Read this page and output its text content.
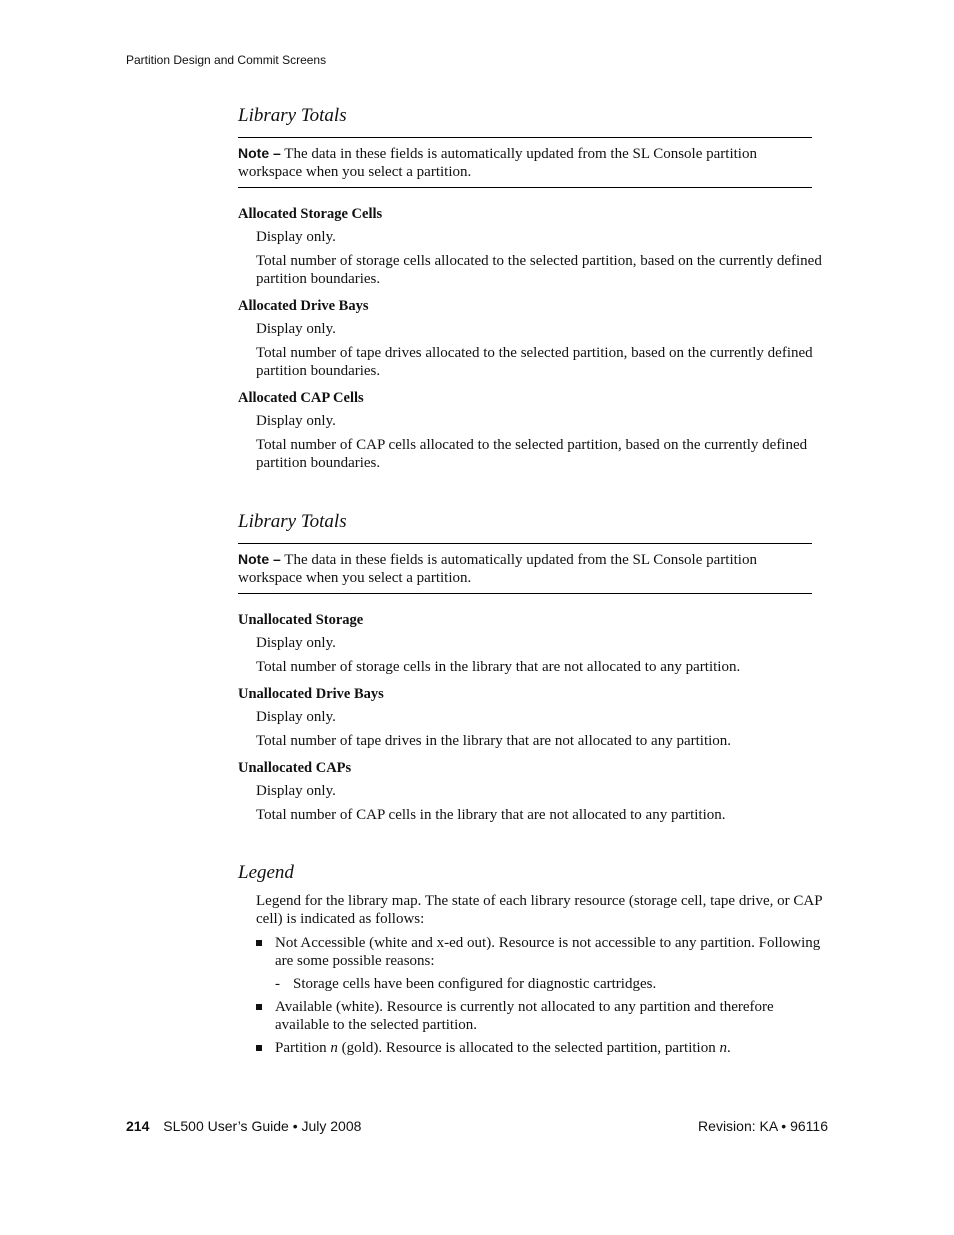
Partition Design and Commit Screens
Library Totals
Note – The data in these fields is automatically updated from the SL Console partition workspace when you select a partition.
Allocated Storage Cells
Display only.
Total number of storage cells allocated to the selected partition, based on the currently defined partition boundaries.
Allocated Drive Bays
Display only.
Total number of tape drives allocated to the selected partition, based on the currently defined partition boundaries.
Allocated CAP Cells
Display only.
Total number of CAP cells allocated to the selected partition, based on the currently defined partition boundaries.
Library Totals
Note – The data in these fields is automatically updated from the SL Console partition workspace when you select a partition.
Unallocated Storage
Display only.
Total number of storage cells in the library that are not allocated to any partition.
Unallocated Drive Bays
Display only.
Total number of tape drives in the library that are not allocated to any partition.
Unallocated CAPs
Display only.
Total number of CAP cells in the library that are not allocated to any partition.
Legend
Legend for the library map. The state of each library resource (storage cell, tape drive, or CAP cell) is indicated as follows:
Not Accessible (white and x-ed out). Resource is not accessible to any partition. Following are some possible reasons:
- Storage cells have been configured for diagnostic cartridges.
Available (white). Resource is currently not allocated to any partition and therefore available to the selected partition.
Partition n (gold). Resource is allocated to the selected partition, partition n.
214 SL500 User’s Guide • July 2008	Revision: KA • 96116
